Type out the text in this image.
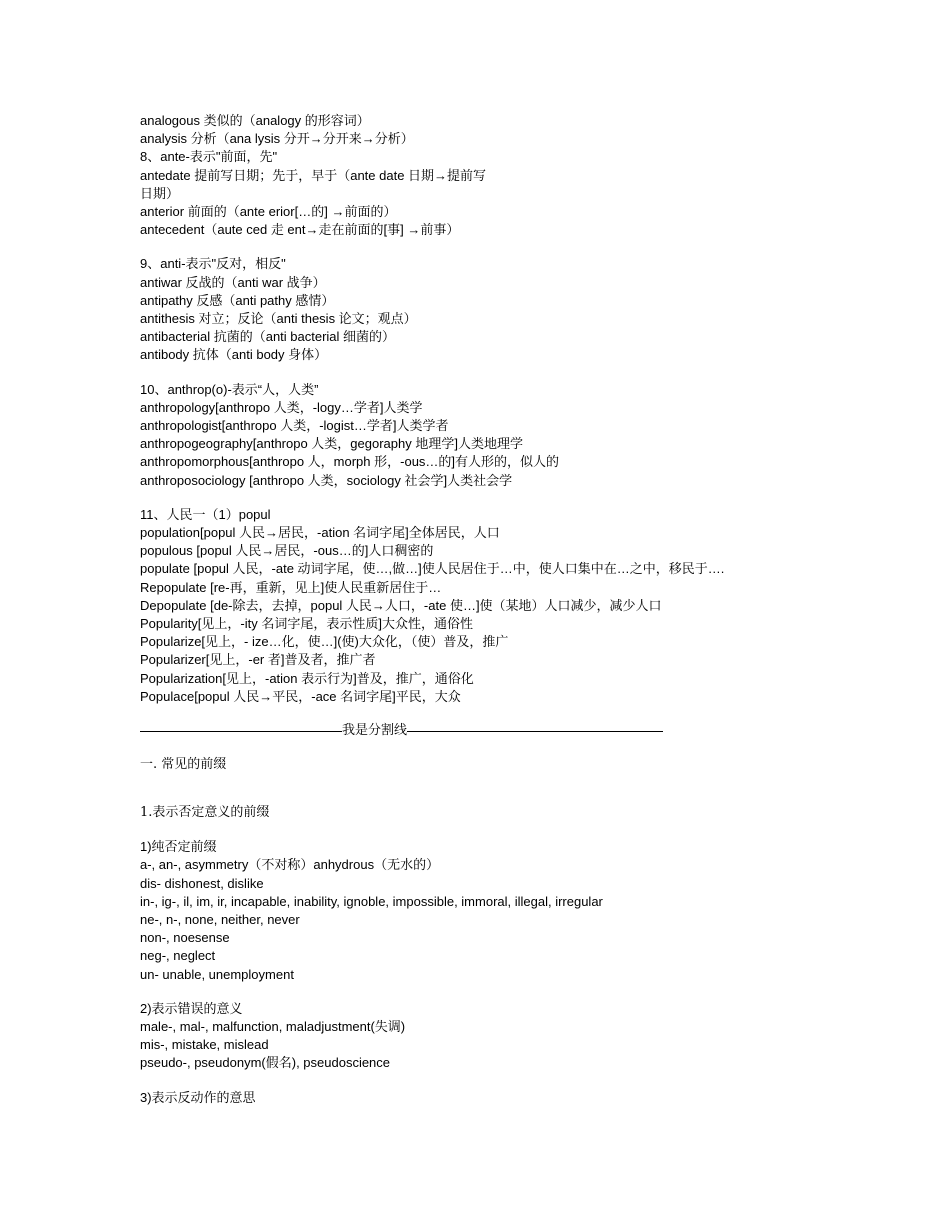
analogous 类似的（analogy 的形容词）
analysis 分析（ana lysis 分开→分开来→分析）
8、ante-表示"前面，先"
antedate 提前写日期；先于，早于（ante date 日期→提前写
日期）
anterior 前面的（ante erior[…的] →前面的）
antecedent（aute ced 走 ent→走在前面的[事] →前事）
9、anti-表示"反对，相反"
antiwar 反战的（anti war 战争）
antipathy 反感（anti pathy 感情）
antithesis 对立；反论（anti thesis 论文；观点）
antibacterial 抗菌的（anti bacterial 细菌的）
antibody 抗体（anti body 身体）
10、anthrop(o)-表示“人，人类”
anthropology[anthropo 人类，-logy…学者]人类学
anthropologist[anthropo 人类，-logist…学者]人类学者
anthropogeography[anthropo 人类，gegoraphy 地理学]人类地理学
anthropomorphous[anthropo 人，morph 形，-ous…的]有人形的，似人的
anthroposociology [anthropo 人类，sociology 社会学]人类社会学
11、人民一（1）popul
population[popul 人民→居民，-ation 名词字尾]全体居民，人口
populous [popul 人民→居民，-ous…的]人口稠密的
populate [popul 人民，-ate 动词字尾，使…,做…]使人民居住于…中，使人口集中在…之中，移民于….
Repopulate [re-再，重新，见上]使人民重新居住于…
Depopulate [de-除去，去掉，popul 人民→人口，-ate 使…]使（某地）人口减少，减少人口
Popularity[见上，-ity 名词字尾，表示性质]大众性，通俗性
Popularize[见上，- ize…化，使…](使)大众化，（使）普及，推广
Popularizer[见上，-er 者]普及者，推广者
Popularization[见上，-ation 表示行为]普及，推广，通俗化
Populace[popul 人民→平民，-ace 名词字尾]平民，大众
我是分割线
一. 常见的前缀
1.表示否定意义的前缀
1)纯否定前缀
a-, an-, asymmetry（不对称）anhydrous（无水的）
dis- dishonest, dislike
in-, ig-, il, im, ir, incapable, inability, ignoble, impossible, immoral, illegal, irregular
ne-, n-, none, neither, never
non-, noesense
neg-, neglect
un- unable, unemployment
2)表示错误的意义
male-, mal-, malfunction, maladjustment(失调)
mis-, mistake, mislead
pseudo-, pseudonym(假名), pseudoscience
3)表示反动作的意思
